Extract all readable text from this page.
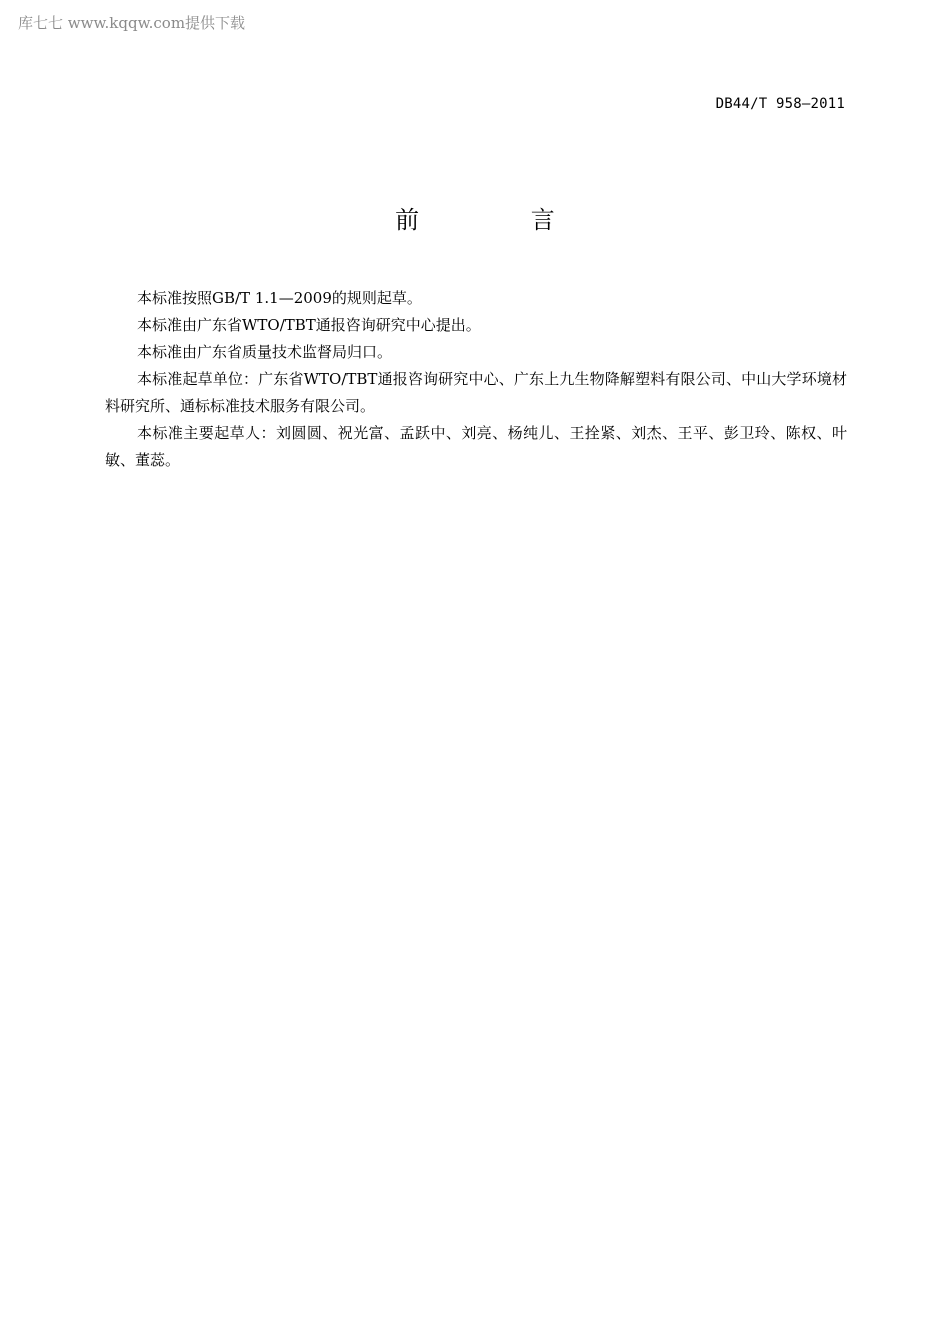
库七七 www.kqqw.com提供下载
DB44/T 958—2011
前 言

本标准按照GB/T 1.1—2009的规则起草。

本标准由广东省WTO/TBT通报咨询研究中心提出。

本标准由广东省质量技术监督局归口。

本标准起草单位：广东省WTO/TBT通报咨询研究中心、广东上九生物降解塑料有限公司、中山大学环境材料研究所、通标标准技术服务有限公司。

本标准主要起草人：刘圆圆、祝光富、孟跃中、刘亮、杨纯儿、王拴紧、刘杰、王平、彭卫玲、陈权、叶敏、董蕊。
